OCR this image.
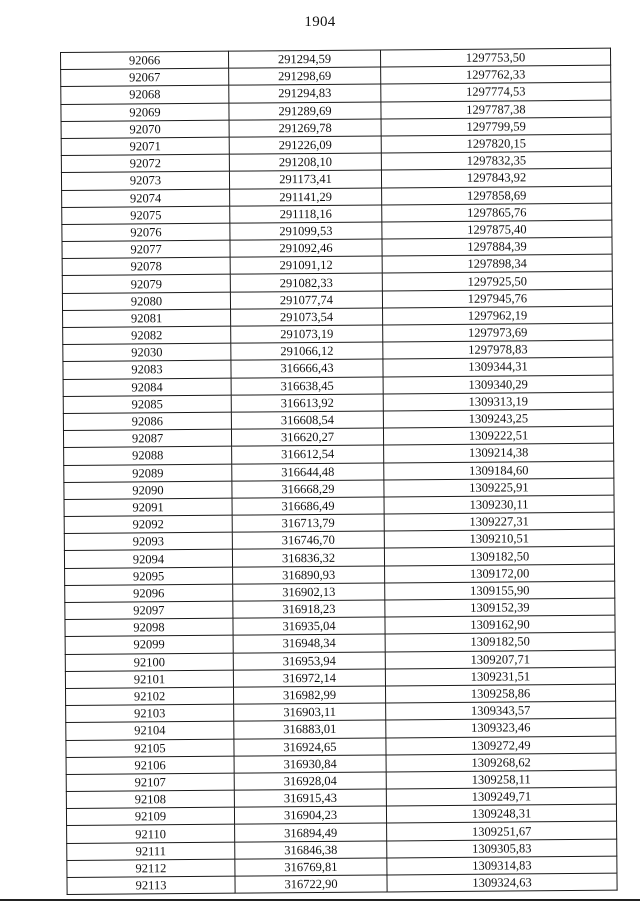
1904
92066	291294,59	1297753,50
92067	291298,69	1297762,33
92068	291294,83	1297774,53
92069	291289,69	1297787,38
92070	291269,78	1297799,59
92071	291226,09	1297820,15
92072	291208,10	1297832,35
92073	291173,41	1297843,92
92074	291141,29	1297858,69
92075	291118,16	1297865,76
92076	291099,53	1297875,40
92077	291092,46	1297884,39
92078	291091,12	1297898,34
92079	291082,33	1297925,50
92080	291077,74	1297945,76
92081	291073,54	1297962,19
92082	291073,19	1297973,69
92030	291066,12	1297978,83
92083	316666,43	1309344,31
92084	316638,45	1309340,29
92085	316613,92	1309313,19
92086	316608,54	1309243,25
92087	316620,27	1309222,51
92088	316612,54	1309214,38
92089	316644,48	1309184,60
92090	316668,29	1309225,91
92091	316686,49	1309230,11
92092	316713,79	1309227,31
92093	316746,70	1309210,51
92094	316836,32	1309182,50
92095	316890,93	1309172,00
92096	316902,13	1309155,90
92097	316918,23	1309152,39
92098	316935,04	1309162,90
92099	316948,34	1309182,50
92100	316953,94	1309207,71
92101	316972,14	1309231,51
92102	316982,99	1309258,86
92103	316903,11	1309343,57
92104	316883,01	1309323,46
92105	316924,65	1309272,49
92106	316930,84	1309268,62
92107	316928,04	1309258,11
92108	316915,43	1309249,71
92109	316904,23	1309248,31
92110	316894,49	1309251,67
92111	316846,38	1309305,83
92112	316769,81	1309314,83
92113	316722,90	1309324,63
